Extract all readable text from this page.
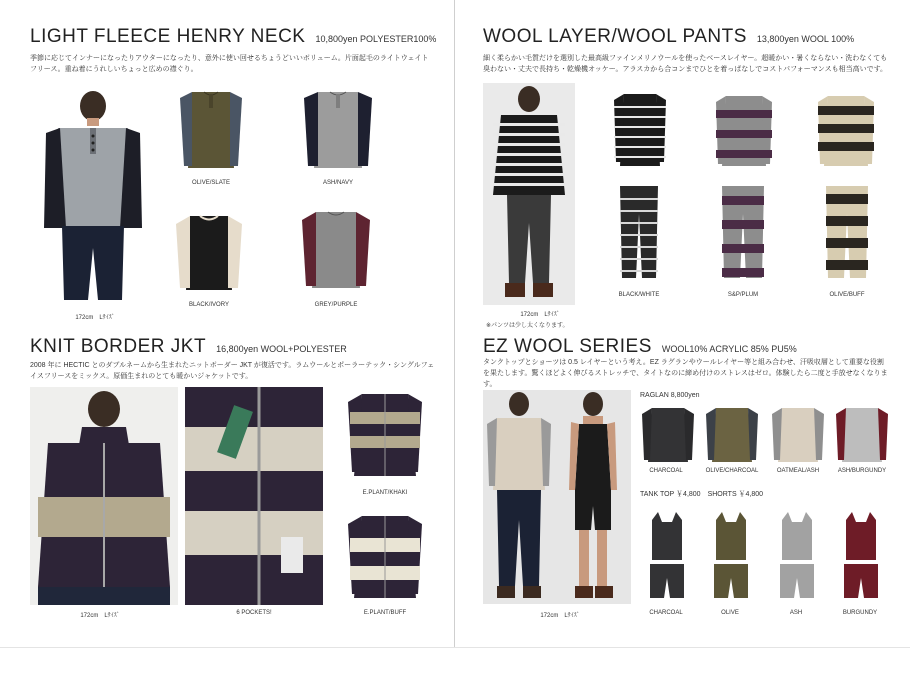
LIGHT FLEECE HENRY NECK 10,800yen POLYESTER100%
季節に応じてインナーになったりアウターになったり、意外に使い回せるちょうどいいボリューム。片面起毛のライトウェイトフリース。重ね着にうれしいちょっと広めの襟ぐり。
172cm　Lｻｲｽﾞ
OLIVE/SLATE	ASH/NAVY
BLACK/IVORY	GREY/PURPLE
KNIT BORDER JKT 16,800yen WOOL+POLYESTER
2008 年に HECTIC とのダブルネームから生まれたニットボーダー JKT が復活です。ラムウールとポーラーテック・シングルフェイスフリースをミックス。原価生まれのとても暖かいジャケットです。
172cm　Lｻｲｽﾞ	6 POCKETS!
E.PLANT/KHAKI
E.PLANT/BUFF
WOOL LAYER/WOOL PANTS 13,800yen WOOL 100%
細く柔らかい毛質だけを選別した最高級ファインメリノウールを使ったベースレイヤー。超暖かい・暑くならない・洗わなくても臭わない・丈夫で長持ち・乾燥機オッケー。アラスカから合コンまでひとを着っぱなしでコストパフォーマンスも相当高いです。
172cm　Lｻｲｽﾞ
※パンツは少し太くなります。
BLACK/WHITE	S&P/PLUM	OLIVE/BUFF
EZ WOOL SERIES WOOL10% ACRYLIC 85% PU5%
タンクトップとショーツは 0.5 レイヤーという考え。EZ ラグランやウールレイヤー等と組み合わせ、汗吸収層として重要な役割を果たします。驚くほどよく伸びるストレッチで、タイトなのに締め付けのストレスはゼロ。体験したら二度と手放せなくなります。
172cm　Lｻｲｽﾞ
RAGLAN 8,800yen
CHARCOAL	OLIVE/CHARCOAL	OATMEAL/ASH	ASH/BURGUNDY
TANK TOP ￥4,800　SHORTS ￥4,800
CHARCOAL	OLIVE	ASH	BURGUNDY
